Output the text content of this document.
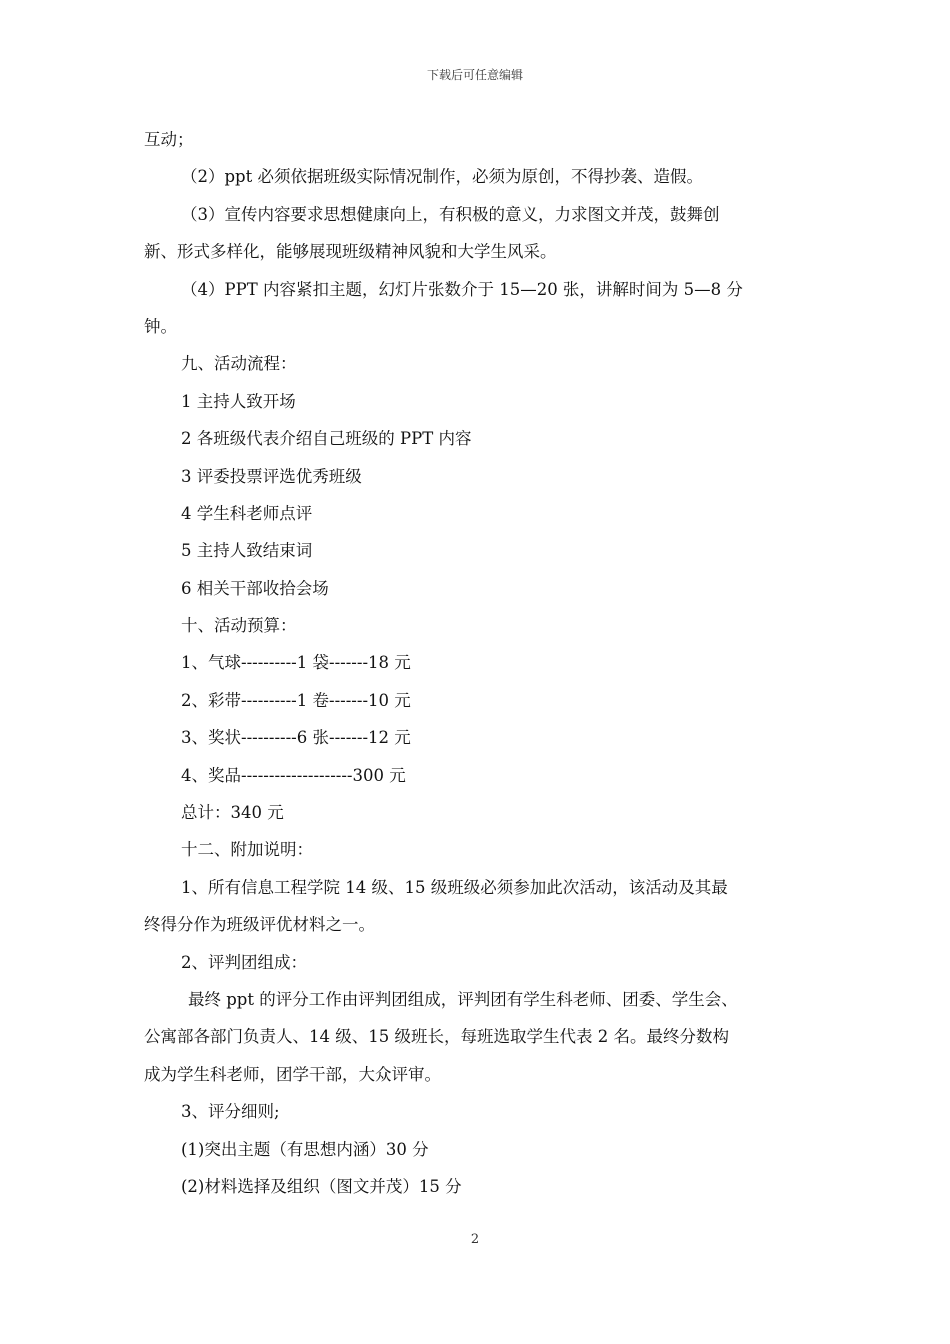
下载后可任意编辑
互动；
（2）ppt 必须依据班级实际情况制作，必须为原创，不得抄袭、造假。
（3）宣传内容要求思想健康向上，有积极的意义，力求图文并茂，鼓舞创
新、形式多样化，能够展现班级精神风貌和大学生风采。
（4）PPT 内容紧扣主题，幻灯片张数介于 15—20 张，讲解时间为 5—8 分
钟。
九、活动流程：
1 主持人致开场
2 各班级代表介绍自己班级的 PPT 内容
3 评委投票评选优秀班级
4 学生科老师点评
5 主持人致结束词
6 相关干部收拾会场
十、活动预算：
1、气球----------1 袋-------18 元
2、彩带----------1 卷-------10 元
3、奖状----------6 张-------12 元
4、奖品--------------------300 元
总计：340 元
十二、附加说明：
1、所有信息工程学院 14 级、15 级班级必须参加此次活动，该活动及其最
终得分作为班级评优材料之一。
2、评判团组成：
最终 ppt 的评分工作由评判团组成，评判团有学生科老师、团委、学生会、
公寓部各部门负责人、14 级、15 级班长，每班选取学生代表 2 名。最终分数构
成为学生科老师，团学干部，大众评审。
3、评分细则;
(1)突出主题（有思想内涵）30 分
(2)材料选择及组织（图文并茂）15 分
2
